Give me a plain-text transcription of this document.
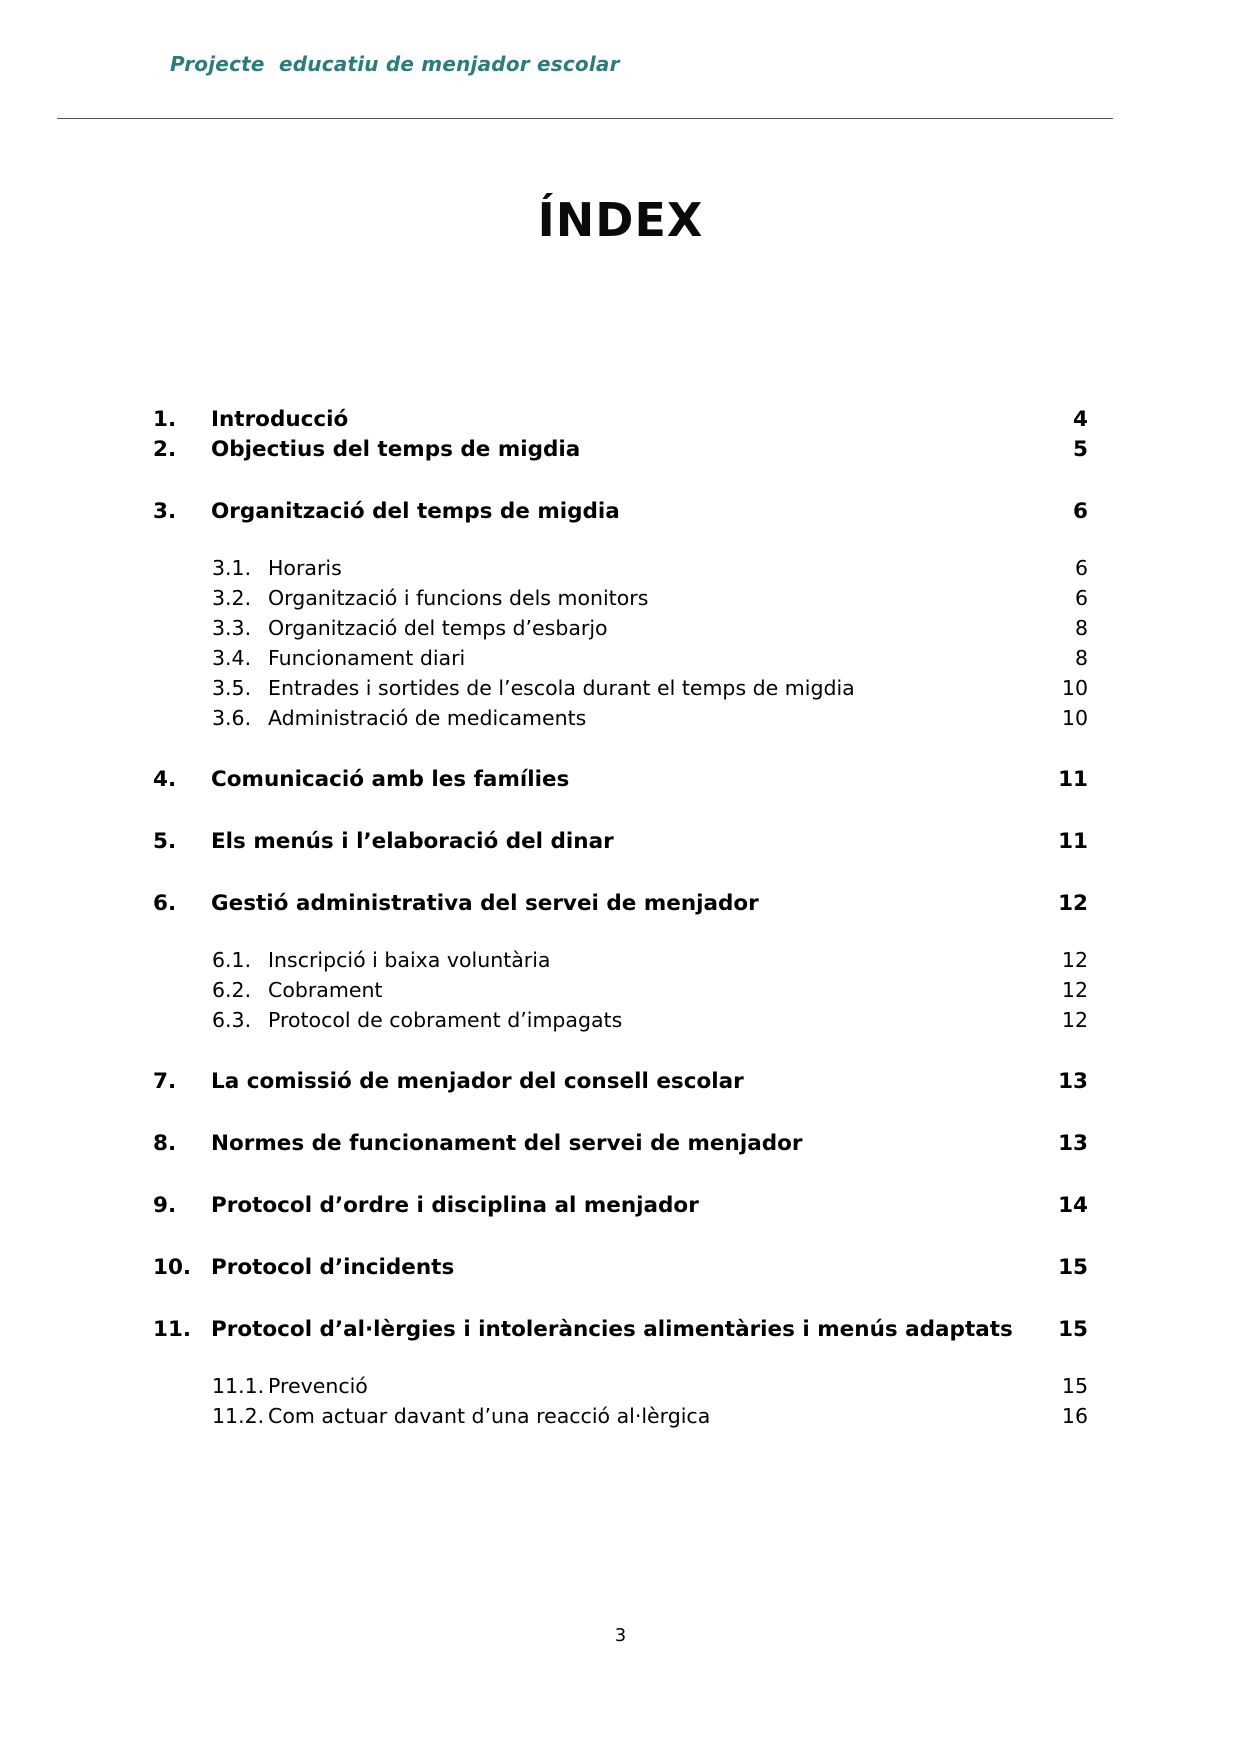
Projecte  educatiu de menjador escolar
ÍNDEX
1.	Introducció	4
2.	Objectius del temps de migdia	5
3.	Organització del temps de migdia	6
3.1. Horaris	6
3.2. Organització i funcions dels monitors	6
3.3. Organització del temps d’esbarjo	8
3.4. Funcionament diari	8
3.5. Entrades i sortides de l’escola durant el temps de migdia	10
3.6. Administració de medicaments	10
4.	Comunicació amb les famílies	11
5.	Els menús i l’elaboració del dinar	11
6.	Gestió administrativa del servei de menjador	12
6.1. Inscripció i baixa voluntària	12
6.2. Cobrament	12
6.3. Protocol de cobrament d’impagats	12
7.	La comissió de menjador del consell escolar	13
8.	Normes de funcionament del servei de menjador	13
9.	Protocol d’ordre i disciplina al menjador	14
10. Protocol d’incidents	15
11. Protocol d’al·lèrgies i intoleràncies alimentàries i menús adaptats	15
11.1. Prevenció	15
11.2. Com actuar davant d’una reacció al·lèrgica	16
3
